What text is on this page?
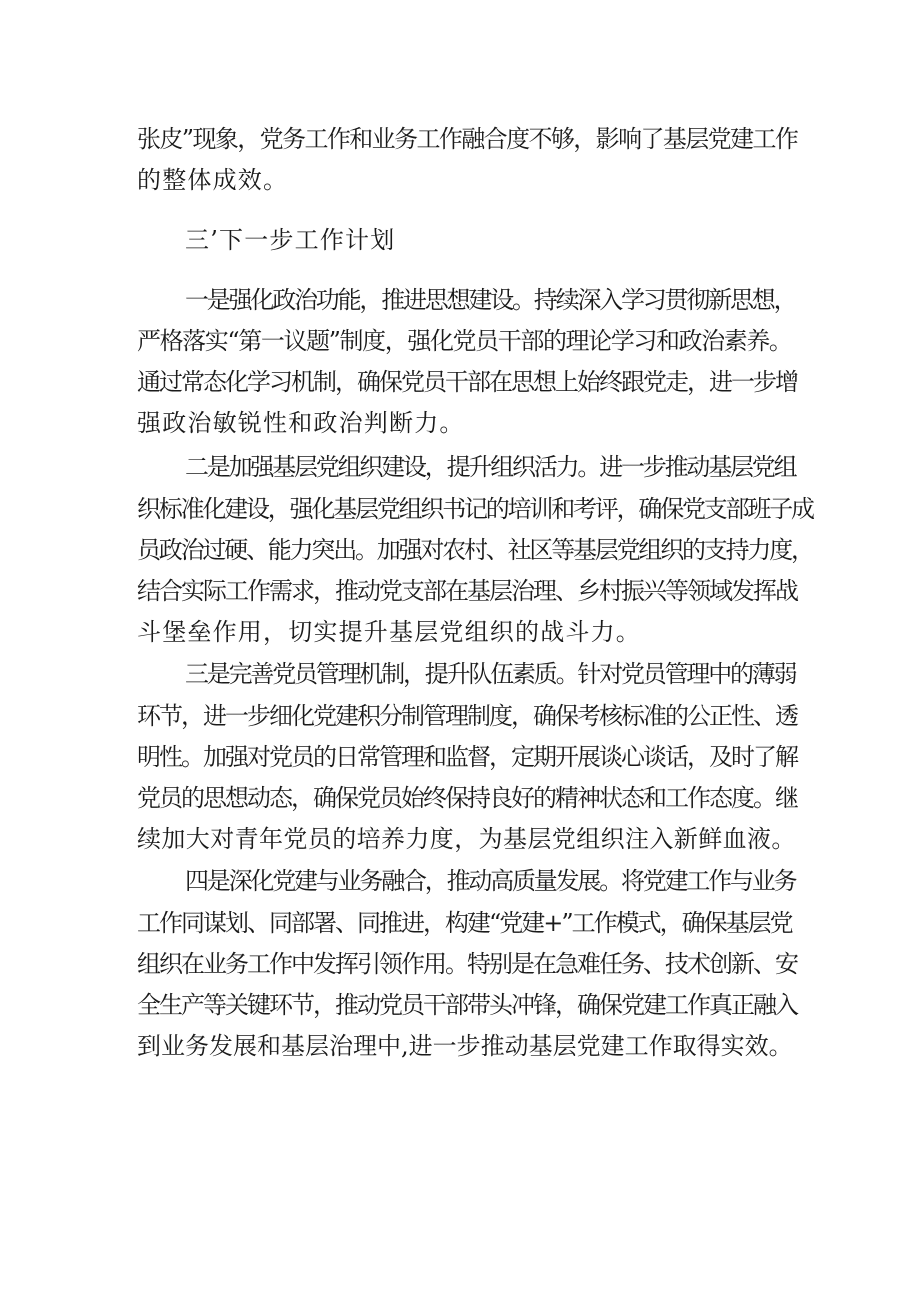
张皮”现象，党务工作和业务工作融合度不够，影响了基层党建工作
的整体成效。
三’下一步工作计划
一是强化政治功能，推进思想建设。持续深入学习贯彻新思想，
严格落实“第一议题”制度，强化党员干部的理论学习和政治素养。
通过常态化学习机制，确保党员干部在思想上始终跟党走，进一步增
强政治敏锐性和政治判断力。
二是加强基层党组织建设，提升组织活力。进一步推动基层党组
织标准化建设，强化基层党组织书记的培训和考评，确保党支部班子成
员政治过硬、能力突出。加强对农村、社区等基层党组织的支持力度，
结合实际工作需求，推动党支部在基层治理、乡村振兴等领域发挥战
斗堡垒作用，切实提升基层党组织的战斗力。
三是完善党员管理机制，提升队伍素质。针对党员管理中的薄弱
环节，进一步细化党建积分制管理制度，确保考核标准的公正性、透
明性。加强对党员的日常管理和监督，定期开展谈心谈话，及时了解
党员的思想动态，确保党员始终保持良好的精神状态和工作态度。继
续加大对青年党员的培养力度，为基层党组织注入新鲜血液。
四是深化党建与业务融合，推动高质量发展。将党建工作与业务
工作同谋划、同部署、同推进，构建“党建+”工作模式，确保基层党
组织在业务工作中发挥引领作用。特别是在急难任务、技术创新、安
全生产等关键环节，推动党员干部带头冲锋，确保党建工作真正融入
到业务发展和基层治理中,进一步推动基层党建工作取得实效。
